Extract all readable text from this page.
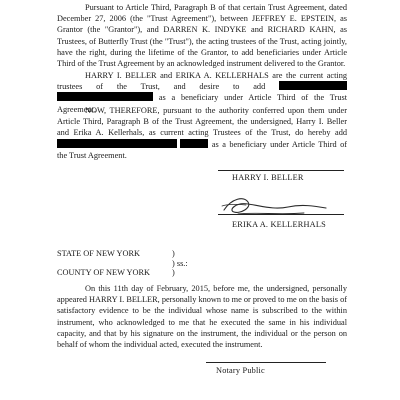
Pursuant to Article Third, Paragraph B of that certain Trust Agreement, dated December 27, 2006 (the "Trust Agreement"), between JEFFREY E. EPSTEIN, as Grantor (the "Grantor"), and DARREN K. INDYKE and RICHARD KAHN, as Trustees, of Butterfly Trust (the "Trust"), the acting trustees of the Trust, acting jointly, have the right, during the lifetime of the Grantor, to add beneficiaries under Article Third of the Trust Agreement by an acknowledged instrument delivered to the Grantor.

HARRY I. BELLER and ERIKA A. KELLERHALS are the current acting trustees of the Trust, and desire to add   as a beneficiary under Article Third of the Trust Agreement.

NOW, THEREFORE, pursuant to the authority conferred upon them under Article Third, Paragraph B of the Trust Agreement, the undersigned, Harry I. Beller and Erika A. Kellerhals, as current acting Trustees of the Trust, do hereby add   as a beneficiary under Article Third of the Trust Agreement.

HARRY I. BELLER
ERIKA A. KELLERHALS
STATE OF NEW YORK	)
) ss.:
COUNTY OF NEW YORK	)

On this 11th day of February, 2015, before me, the undersigned, personally appeared HARRY I. BELLER, personally known to me or proved to me on the basis of satisfactory evidence to be the individual whose name is subscribed to the within instrument, who acknowledged to me that he executed the same in his individual capacity, and that by his signature on the instrument, the individual or the person on behalf of whom the individual acted, executed the instrument.

Notary Public
